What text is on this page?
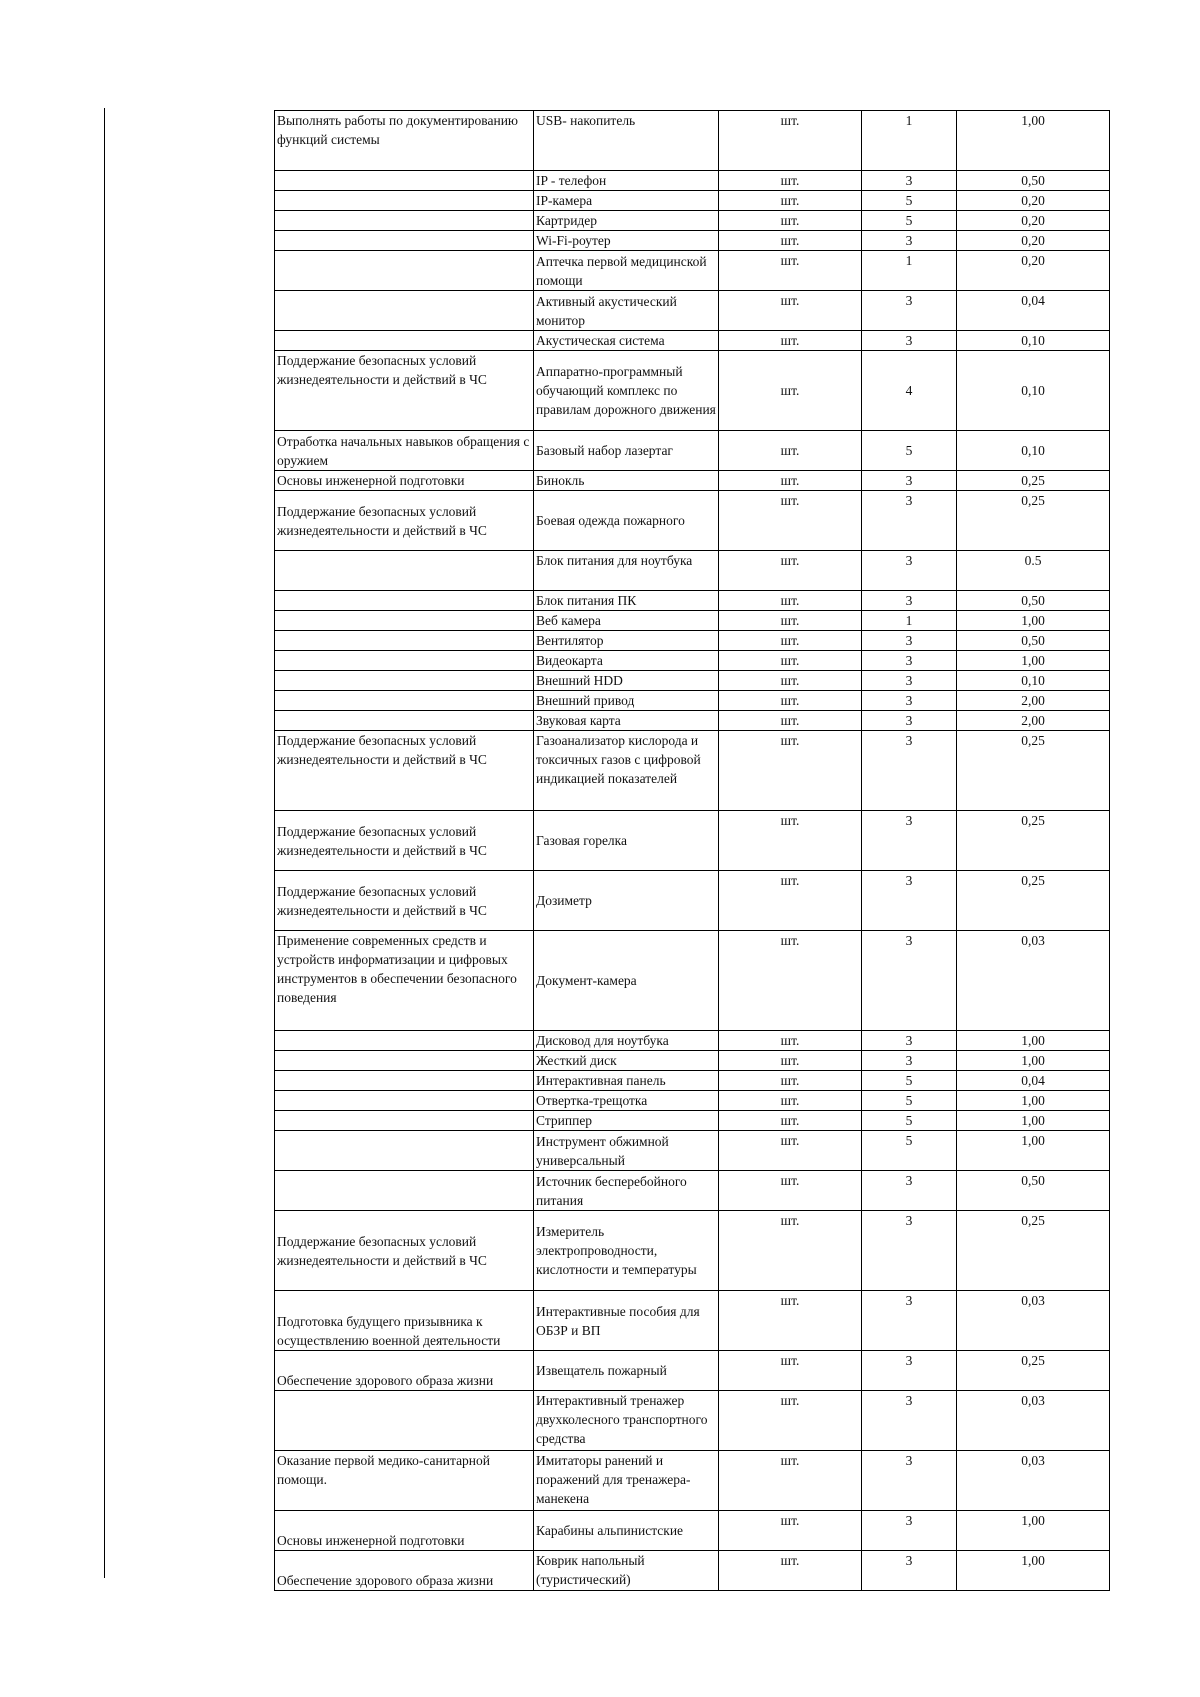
Выполнять работы по документированию функций системы	USB- накопитель	шт.	1	1,00
	IP - телефон	шт.	3	0,50
	IP-камера	шт.	5	0,20
	Картридер	шт.	5	0,20
	Wi-Fi-роутер	шт.	3	0,20
	Аптечка первой медицинской помощи	шт.	1	0,20
	Активный акустический монитор	шт.	3	0,04
	Акустическая система	шт.	3	0,10
Поддержание безопасных условий жизнедеятельности и действий в ЧС	Аппаратно-программный обучающий комплекс по правилам дорожного движения	шт.	4	0,10
Отработка начальных навыков обращения с оружием	Базовый набор лазертаг	шт.	5	0,10
Основы инженерной подготовки	Бинокль	шт.	3	0,25
Поддержание безопасных условий жизнедеятельности и действий в ЧС	Боевая одежда пожарного	шт.	3	0,25
	Блок питания для ноутбука	шт.	3	0.5
	Блок питания ПК	шт.	3	0,50
	Веб камера	шт.	1	1,00
	Вентилятор	шт.	3	0,50
	Видеокарта	шт.	3	1,00
	Внешний HDD	шт.	3	0,10
	Внешний привод	шт.	3	2,00
	Звуковая карта	шт.	3	2,00
Поддержание безопасных условий жизнедеятельности и действий в ЧС	Газоанализатор кислорода и токсичных газов с цифровой индикацией показателей	шт.	3	0,25
Поддержание безопасных условий жизнедеятельности и действий в ЧС	Газовая горелка	шт.	3	0,25
Поддержание безопасных условий жизнедеятельности и действий в ЧС	Дозиметр	шт.	3	0,25
Применение современных средств и устройств информатизации и цифровых инструментов в обеспечении безопасного поведения	Документ-камера	шт.	3	0,03
	Дисковод для ноутбука	шт.	3	1,00
	Жесткий диск	шт.	3	1,00
	Интерактивная панель	шт.	5	0,04
	Отвертка-трещотка	шт.	5	1,00
	Стриппер	шт.	5	1,00
	Инструмент обжимной универсальный	шт.	5	1,00
	Источник бесперебойного питания	шт.	3	0,50
Поддержание безопасных условий жизнедеятельности и действий в ЧС	Измеритель электропроводности, кислотности и температуры	шт.	3	0,25
Подготовка будущего призывника к осуществлению военной деятельности	Интерактивные пособия для ОБЗР и ВП	шт.	3	0,03
Обеспечение здорового образа жизни	Извещатель пожарный	шт.	3	0,25
	Интерактивный тренажер двухколесного транспортного средства	шт.	3	0,03
Оказание первой медико-санитарной помощи.	Имитаторы ранений и поражений для тренажера-манекена	шт.	3	0,03
Основы инженерной подготовки	Карабины альпинистские	шт.	3	1,00
Обеспечение здорового образа жизни	Коврик напольный (туристический)	шт.	3	1,00
